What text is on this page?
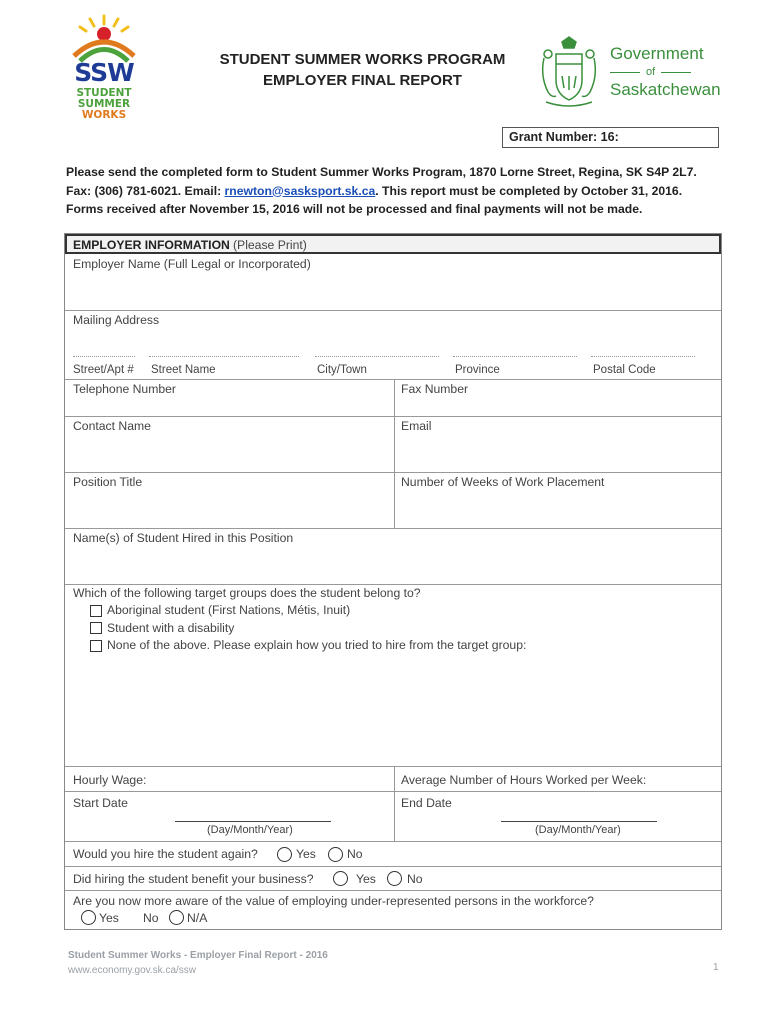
SSW
STUDENT
SUMMER
WORKS
STUDENT SUMMER WORKS PROGRAM
EMPLOYER FINAL REPORT
Government
of
Saskatchewan
Grant Number: 16:
Please send the completed form to Student Summer Works Program, 1870 Lorne Street, Regina, SK S4P 2L7.
Fax: (306) 781-6021. Email: rnewton@sasksport.sk.ca. This report must be completed by October 31, 2016.
Forms received after November 15, 2016 will not be processed and final payments will not be made.
EMPLOYER INFORMATION (Please Print)
Employer Name (Full Legal or Incorporated)
Mailing Address
Street/Apt # Street Name	City/Town	Province	Postal Code
Telephone Number	Fax Number
Contact Name	Email
Position Title	Number of Weeks of Work Placement
Name(s) of Student Hired in this Position
Which of the following target groups does the student belong to?
Aboriginal student (First Nations, Métis, Inuit)
Student with a disability
None of the above. Please explain how you tried to hire from the target group:
Hourly Wage:	Average Number of Hours Worked per Week:
Start Date	End Date
(Day/Month/Year)	(Day/Month/Year)
Would you hire the student again?	Yes	No
Did hiring the student benefit your business?	Yes	No
Are you now more aware of the value of employing under-represented persons in the workforce?
Yes No N/A
Student Summer Works - Employer Final Report - 2016
www.economy.gov.sk.ca/ssw	1
